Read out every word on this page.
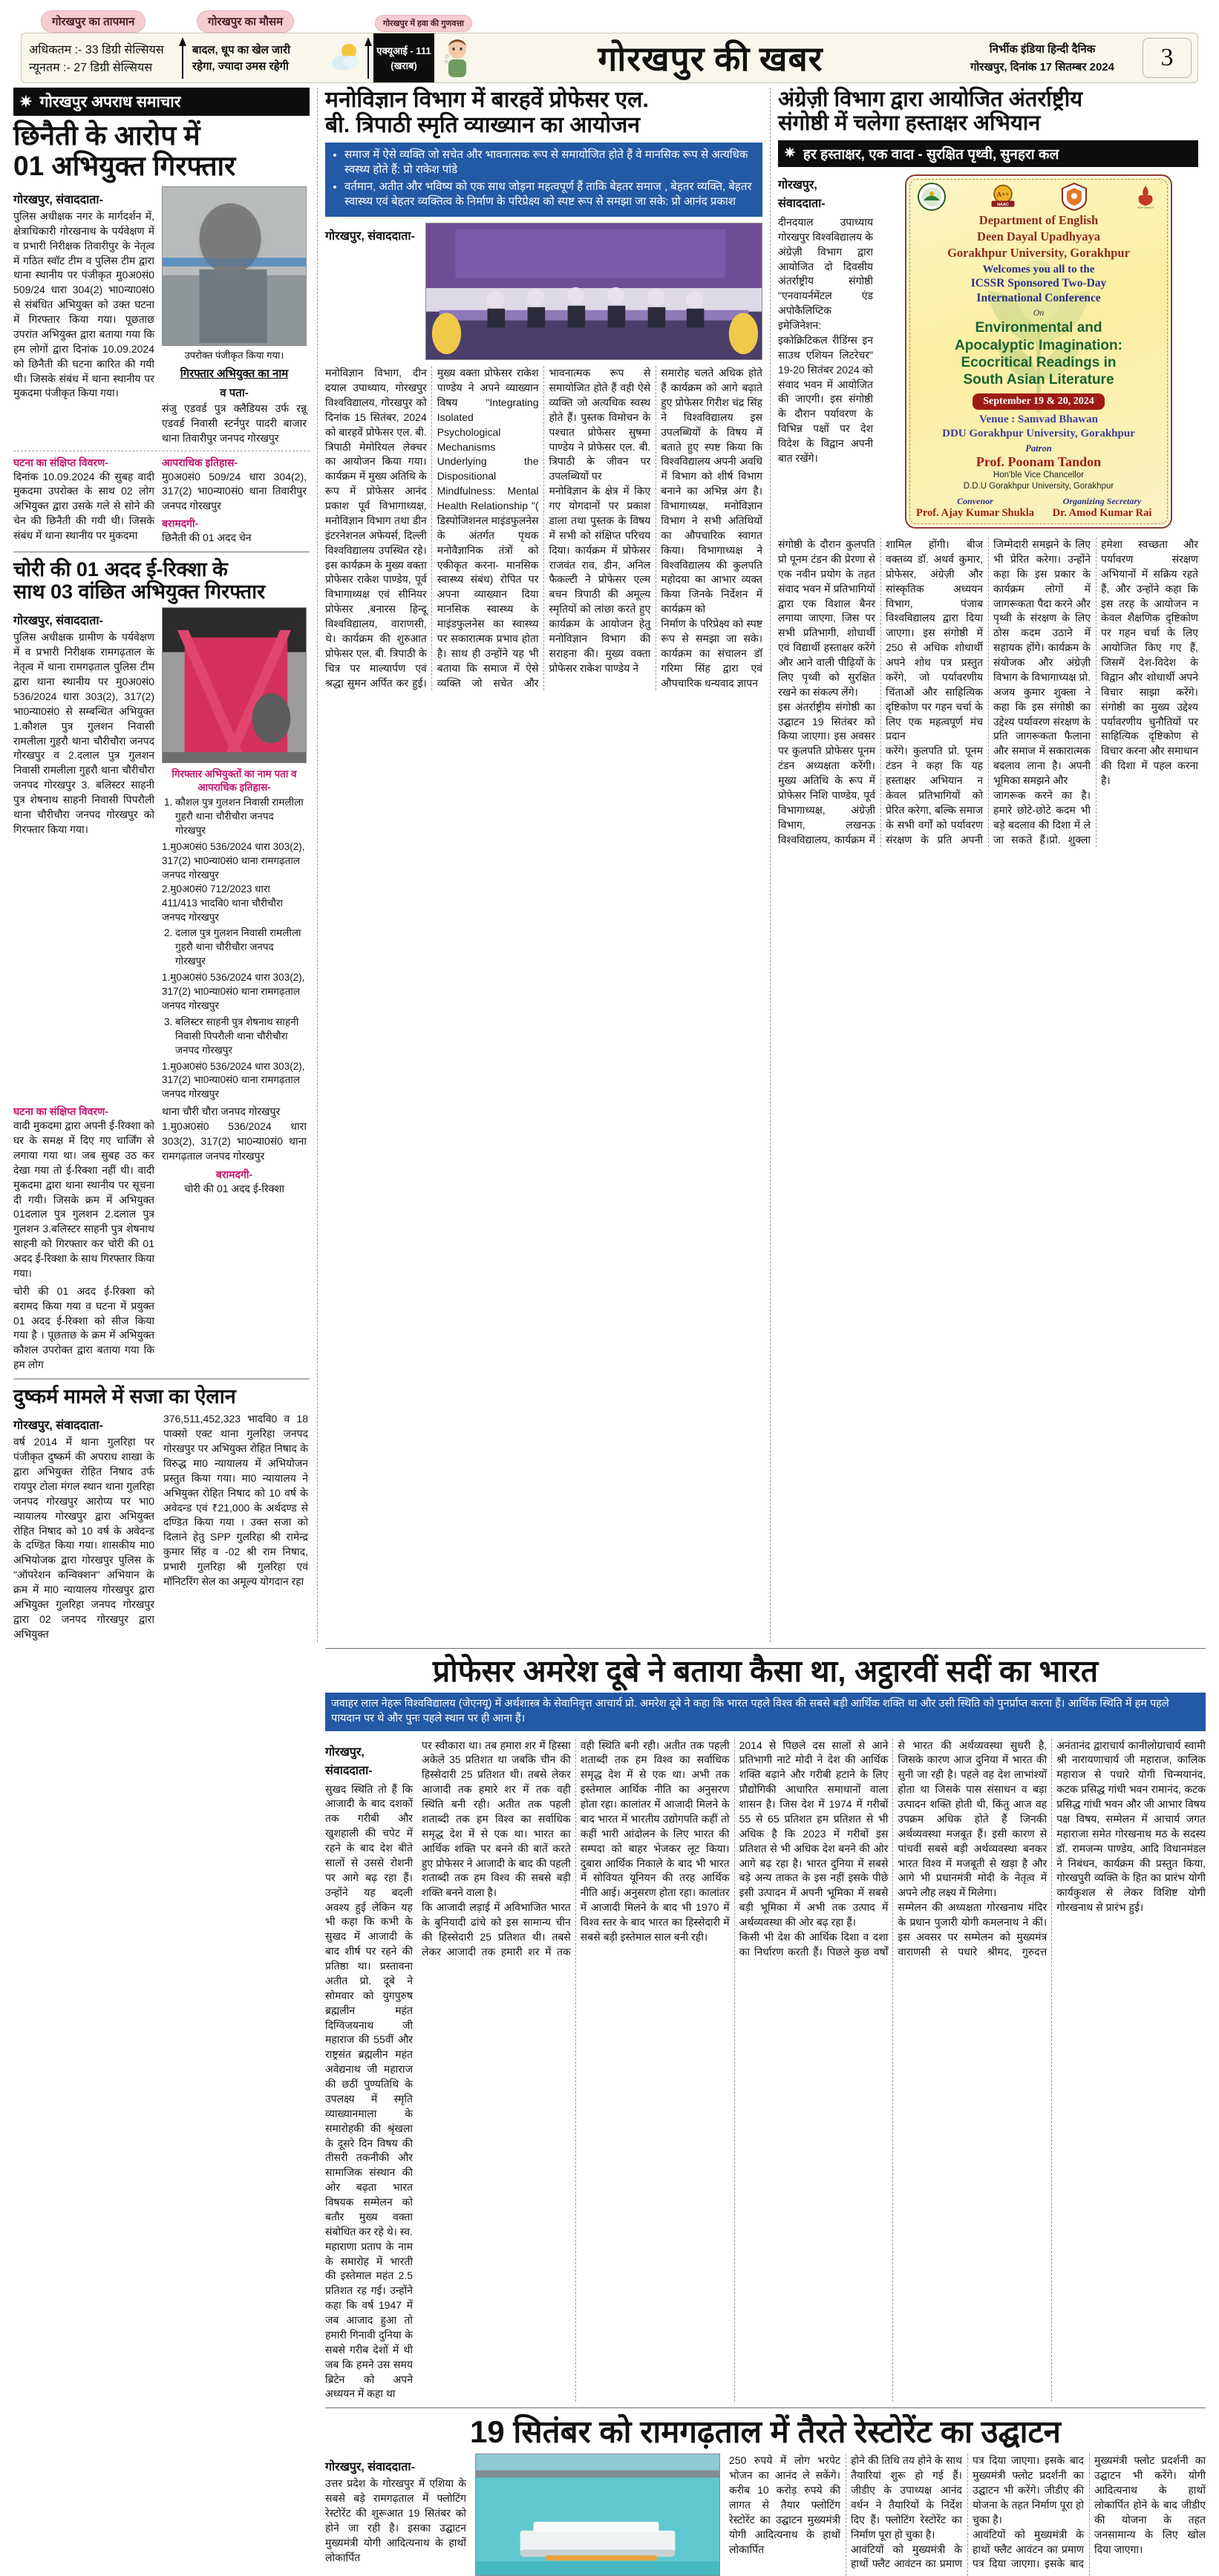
गोरखपुर का तापमान	गोरखपुर का मौसम	गोरखपुर में हवा की गुणवत्ता
अधिकतम :- 33 डिग्री सेल्सियस
न्यूनतम :- 27 डिग्री सेल्सियस
बादल, धूप का खेल जारी
रहेगा, ज्यादा उमस रहेगी
एक्यूआई - 111
(खराब)	गोरखपुर की खबर	निर्भीक इंडिया हिन्दी दैनिक
गोरखपुर, दिनांक 17 सितम्बर 2024	3
✷ गोरखपुर अपराध समाचार
छिनैती के आरोप में
01 अभियुक्त गिरफ्तार
गोरखपुर, संवाददाता-
पुलिस अधीक्षक नगर के मार्गदर्शन में, क्षेत्राधिकारी गोरखनाथ के पर्यवेक्षण में व प्रभारी निरीक्षक तिवारीपुर के नेतृत्व में गठित स्वॉट टीम व पुलिस टीम द्वारा थाना स्थानीय पर पंजीकृत मु0अ0सं0 509/24 धारा 304(2) भा0न्या0सं0 से संबंधित अभियुक्त को उक्त घटना में गिरफ्तार किया गया। पूछताछ उपरांत अभियुक्त द्वारा बताया गया कि हम लोगों द्वारा दिनांक 10.09.2024 को छिनैती की घटना कारित की गयी थी। जिसके संबंध में थाना स्थानीय पर मुकदमा पंजीकृत किया गया।
उपरोक्त पंजीकृत किया गया।
गिरफ्तार अभियुक्त का नाम
व पता-
संजु एडवर्ड पुत्र क्लैडियस उर्फ रन्नू एडवर्ड निवासी स्टर्नपुर पादरी बाजार थाना तिवारीपुर जनपद गोरखपुर
घटना का संक्षिप्त विवरण-
दिनांक 10.09.2024 की सुबह वादी मुकदमा उपरोक्त के साथ 02 लोग अभियुक्त द्वारा उसके गले से सोने की चेन की छिनैती की गयी थी। जिसके संबंध में थाना स्थानीय पर मुकदमा
आपराधिक इतिहास-
मु0अ0सं0 509/24 धारा 304(2), 317(2) भा0न्या0सं0 थाना तिवारीपुर जनपद गोरखपुर
बरामदगी-
छिनैती की 01 अदद चेन
चोरी की 01 अदद ई-रिक्शा के
साथ 03 वांछित अभियुक्त गिरफ्तार
गोरखपुर, संवाददाता-
पुलिस अधीक्षक ग्रामीण के पर्यवेक्षण में व प्रभारी निरीक्षक रामगढ़ताल के नेतृत्व में थाना रामगढ़ताल पुलिस टीम द्वारा थाना स्थानीय पर मु0अ0सं0 536/2024 धारा 303(2), 317(2) भा0न्या0सं0 से सम्बन्धित अभियुक्त 1.कौशल पुत्र गुलशन निवासी रामलीला गुहरौ थाना चौरीचौरा जनपद गोरखपुर व 2.दलाल पुत्र गुलशन निवासी रामलीला गुहरौ थाना चौरीचौरा जनपद गोरखपुर 3. बलिस्टर साहनी पुत्र शेषनाथ साहनी निवासी पिपरौली थाना चौरीचौरा जनपद गोरखपुर को गिरफ्तार किया गया।
गिरफ्तार अभियुक्तों का नाम पता व आपराधिक इतिहास-
1. कौशल पुत्र गुलशन निवासी रामलीला गुहरौ थाना चौरीचौरा जनपद गोरखपुर
1.मु0अ0सं0 536/2024 धारा 303(2), 317(2) भा0न्या0सं0 थाना रामगढ़ताल जनपद गोरखपुर
2.मु0अ0सं0 712/2023 धारा 411/413 भादवि0 थाना चौरीचौरा जनपद गोरखपुर
2. दलाल पुत्र गुलशन निवासी रामलीला गुहरौ थाना चौरीचौरा जनपद गोरखपुर
1.मु0अ0सं0 536/2024 धारा 303(2), 317(2) भा0न्या0सं0 थाना रामगढ़ताल जनपद गोरखपुर
3. बलिस्टर साहनी पुत्र शेषनाथ साहनी निवासी पिपरौली थाना चौरीचौरा जनपद गोरखपुर
1.मु0अ0सं0 536/2024 धारा 303(2), 317(2) भा0न्या0सं0 थाना रामगढ़ताल जनपद गोरखपुर
घटना का संक्षिप्त विवरण-
वादी मुकदमा द्वारा अपनी ई-रिक्शा को घर के समक्ष में दिए गए चार्जिंग से लगाया गया था। जब सुबह उठ कर देखा गया तो ई-रिक्शा नहीं थी। वादी मुकदमा द्वारा थाना स्थानीय पर सूचना दी गयी। जिसके क्रम में अभियुक्त 01दलाल पुत्र गुलशन 2.दलाल पुत्र गुलशन 3.बलिस्टर साहनी पुत्र शेषनाथ साहनी को गिरफ्तार कर चोरी की 01 अदद ई-रिक्शा के साथ गिरफ्तार किया गया।
चोरी की 01 अदद ई-रिक्शा को बरामद किया गया व घटना में प्रयुक्त 01 अदद ई-रिक्शा को सीज किया गया है । पूछताछ के क्रम में अभियुक्त कौशल उपरोक्त द्वारा बताया गया कि हम लोग
थाना चौरी चौरा जनपद गोरखपुर
1.मु0अ0सं0 536/2024 धारा 303(2), 317(2) भा0न्या0सं0 थाना रामगढ़ताल जनपद गोरखपुर
बरामदगी-
चोरी की 01 अदद ई-रिक्शा
दुष्कर्म मामले में सजा का ऐलान
गोरखपुर, संवाददाता-
वर्ष 2014 में थाना गुलरिहा पर पंजीकृत दुष्कर्म की अपराध शाखा के द्वारा अभियुक्त रोहित निषाद उर्फ रायपुर टोला मंगल स्थान थाना गुलरिहा जनपद गोरखपुर आरोप्य पर भा0 न्यायालय गोरखपुर द्वारा अभियुक्त रोहित निषाद को 10 वर्ष के अवेदन्ड के दण्डित किया गया। शासकीय मा0 अभियोजक द्वारा गोरखपुर पुलिस के "ऑपरेशन कन्विक्शन" अभियान के क्रम में मा0 न्यायालय गोरखपुर द्वारा अभियुक्त गुलरिहा जनपद गोरखपुर द्वारा 02 जनपद गोरखपुर द्वारा अभियुक्त
376,511,452,323 भादवि0 व 18 पाक्सो एक्ट थाना गुलरिहा जनपद गोरखपुर पर अभियुक्त रोहित निषाद के विरुद्ध मा0 न्यायालय में अभियोजन प्रस्तुत किया गया। मा0 न्यायालय ने अभियुक्त रोहित निषाद को 10 वर्ष के अवेदन्ड एवं ₹21,000 के अर्थदण्ड से दण्डित किया गया । उक्त सजा को दिलाने हेतु SPP गुलरिहा श्री रामेन्द्र कुमार सिंह व -02 श्री राम निषाद, प्रभारी गुलरिहा श्री गुलरिहा एवं मॉनिटरिंग सेल का अमूल्य योगदान रहा
मनोविज्ञान विभाग में बारहवें प्रोफेसर एल.
बी. त्रिपाठी स्मृति व्याख्यान का आयोजन
• समाज में ऐसे व्यक्ति जो सचेत और भावनात्मक रूप से समायोजित होते हैं वे मानसिक रूप से अत्यधिक स्वस्थ्य होते हैं: प्रो राकेश पांडे
• वर्तमान, अतीत और भविष्य को एक साथ जोड़ना महत्वपूर्ण हैं ताकि बेहतर समाज , बेहतर व्यक्ति, बेहतर स्वास्थ्य एवं बेहतर व्यक्तित्व के निर्माण के परिप्रेक्ष्य को स्पष्ट रूप से समझा जा सके: प्रो आनंद प्रकाश
गोरखपुर, संवाददाता-
मनोविज्ञान विभाग, दीन दयाल उपाध्याय, गोरखपुर विश्वविद्यालय, गोरखपुर को दिनांक 15 सितंबर, 2024 को बारहवें प्रोफेसर एल. बी. त्रिपाठी मेमोरियल लेक्चर का आयोजन किया गया। कार्यक्रम में मुख्य अतिथि के रूप में प्रोफेसर आनंद प्रकाश पूर्व विभागाध्यक्ष, मनोविज्ञान विभाग तथा डीन इंटरनेशनल अफेयर्स, दिल्ली विश्वविद्यालय उपस्थित रहे। इस कार्यक्रम के मुख्य वक्ता प्रोफेसर राकेश पाण्डेय, पूर्व विभागाध्यक्ष एवं सीनियर प्रोफेसर ,बनारस हिन्दू विश्वविद्यालय, वाराणसी, थे। कार्यक्रम की शुरुआत प्रोफेसर एल. बी. त्रिपाठी के चित्र पर माल्यार्पण एवं श्रद्धा सुमन अर्पित कर हुई। मुख्य वक्ता प्रोफेसर राकेश पाण्डेय ने अपने व्याख्यान विषय "Integrating Isolated Psychological Mechanisms Underlying the Dispositional Mindfulness: Mental Health Relationship "( डिस्पोजिशनल माइंडफुलनेस के अंतर्गत पृथक मनोवैज्ञानिक तंत्रों को एकीकृत करना- मानसिक स्वास्थ्य संबंध) रोपित पर अपना व्याख्यान दिया मानसिक स्वास्थ्य के माइंडफुलनेस का स्वास्थ्य पर सकारात्मक प्रभाव होता है। साथ ही उन्होंने यह भी बताया कि समाज में ऐसे व्यक्ति जो सचेत और भावनात्मक रूप से समायोजित होते हैं वही ऐसे व्यक्ति जो अत्यधिक स्वस्थ होते हैं। पुस्तक विमोचन के पश्चात प्रोफेसर सुषमा पाण्डेय ने प्रोफेसर एल. बी. त्रिपाठी के जीवन पर उपलब्धियों पर
मनोविज्ञान के क्षेत्र में किए गए योगदानों पर प्रकाश डाला तथा पुस्तक के विषय में सभी को संक्षिप्त परिचय दिया। कार्यक्रम में प्रोफेसर राजवंत राव, डीन, अनिल फैकल्टी ने प्रोफेसर एल्म बचन त्रिपाठी की अमूल्य स्मृतियों को लांछा करते हुए कार्यक्रम के आयोजन हेतु मनोविज्ञान विभाग की सराहना की। मुख्य वक्ता प्रोफेसर राकेश पाण्डेय ने
समारोह चलते अधिक होते हैं कार्यक्रम को आगे बढ़ाते हुए प्रोफेसर गिरीश चंद्र सिंह ने विश्वविद्यालय इस उपलब्धियों के विषय में बताते हुए स्पष्ट किया कि विश्वविद्यालय अपनी अवधि में विभाग को शीर्ष विभाग बनाने का अभिन्न अंग है। विभागाध्यक्ष, मनोविज्ञान विभाग ने सभी अतिथियों का औपचारिक स्वागत किया। विभागाध्यक्ष ने विश्वविद्यालय की कुलपति महोदया का आभार व्यक्त किया जिनके निर्देशन में कार्यक्रम को
निर्माण के परिप्रेक्ष्य को स्पष्ट रूप से समझा जा सके। कार्यक्रम का संचालन डॉ गरिमा सिंह द्वारा एवं औपचारिक धन्यवाद ज्ञापन
अंग्रेज़ी विभाग द्वारा आयोजित अंतर्राष्ट्रीय
संगोष्ठी में चलेगा हस्ताक्षर अभियान
✷ हर हस्ताक्षर, एक वादा - सुरक्षित पृथ्वी, सुनहरा कल
गोरखपुर,
संवाददाता-
दीनदयाल उपाध्याय गोरखपुर विश्वविद्यालय के अंग्रेज़ी विभाग द्वारा आयोजित दो दिवसीय अंतर्राष्ट्रीय संगोष्ठी "एनवायर्नमेंटल एंड अपोकैलिप्टिक इमेजिनेशन: इकोक्रिटिकल रीडिंग्स इन साउथ एशियन लिटरेचर" 19-20 सितंबर 2024 को संवाद भवन में आयोजित की जाएगी। इस संगोष्ठी के दौरान पर्यावरण के विभिन्न पक्षों पर देश विदेश के विद्वान अपनी बात रखेंगे।
A++
NAAC
Indian Council of
Department of English
Deen Dayal Upadhyaya
Gorakhpur University, Gorakhpur
Welcomes you all to the
ICSSR Sponsored Two-Day
International Conference
On
Environmental and
Apocalyptic Imagination:
Ecocritical Readings in
South Asian Literature
September 19 & 20, 2024
Venue : Samvad Bhawan
DDU Gorakhpur University, Gorakhpur
Patron
Prof. Poonam Tandon
Hon'ble Vice Chancellor
D.D.U Gorakhpur University, Gorakhpur
Convenor
Prof. Ajay Kumar Shukla
Organizing Secretary
Dr. Amod Kumar Rai
संगोष्ठी के दौरान कुलपति प्रो पूनम टंडन की प्रेरणा से एक नवीन प्रयोग के तहत संवाद भवन में प्रतिभागियों द्वारा एक विशाल बैनर लगाया जाएगा, जिस पर सभी प्रतिभागी, शोधार्थी एवं विद्यार्थी हस्ताक्षर करेंगे और आने वाली पीढ़ियों के लिए पृथ्वी को सुरक्षित रखने का संकल्प लेंगे।
इस अंतर्राष्ट्रीय संगोष्ठी का उद्घाटन 19 सितंबर को किया जाएगा। इस अवसर पर कुलपति प्रोफेसर पूनम टंडन अध्यक्षता करेंगी। मुख्य अतिथि के रूप में प्रोफेसर निशि पाण्डेय, पूर्व विभागाध्यक्ष, अंग्रेज़ी विभाग, लखनऊ विश्वविद्यालय, कार्यक्रम में शामिल होंगी। बीज वक्तव्य डॉ. अथर्व कुमार, प्रोफेसर, अंग्रेज़ी और सांस्कृतिक अध्ययन विभाग, पंजाब विश्वविद्यालय द्वारा दिया जाएगा। इस संगोष्ठी में 250 से अधिक शोधार्थी अपने शोध पत्र प्रस्तुत करेंगे, जो पर्यावरणीय चिंताओं और साहित्यिक दृष्टिकोण पर गहन चर्चा के लिए एक महत्वपूर्ण मंच प्रदान
करेंगे। कुलपति प्रो. पूनम टंडन ने कहा कि यह हस्ताक्षर अभियान न केवल प्रतिभागियों को प्रेरित करेगा, बल्कि समाज के सभी वर्गों को पर्यावरण संरक्षण के प्रति अपनी जिम्मेदारी समझने के लिए भी प्रेरित करेगा। उन्होंने कहा कि इस प्रकार के कार्यक्रम लोगों में जागरूकता पैदा करने और पृथ्वी के संरक्षण के लिए ठोस कदम उठाने में सहायक होंगे। कार्यक्रम के संयोजक और अंग्रेज़ी विभाग के विभागाध्यक्ष प्रो. अजय कुमार शुक्ला ने कहा कि इस संगोष्ठी का उद्देश्य पर्यावरण संरक्षण के प्रति जागरूकता फैलाना और समाज में सकारात्मक बदलाव लाना है। अपनी भूमिका समझने और
जागरूक करने का है। हमारे छोटे-छोटे कदम भी बड़े बदलाव की दिशा में ले जा सकते हैं।प्रो. शुक्ला हमेशा स्वच्छता और पर्यावरण संरक्षण अभियानों में सक्रिय रहते हैं, और उन्होंने कहा कि इस तरह के आयोजन न केवल शैक्षणिक दृष्टिकोण पर गहन चर्चा के लिए आयोजित किए गए हैं, जिसमें देश-विदेश के विद्वान और शोधार्थी अपने विचार साझा करेंगे। संगोष्ठी का मुख्य उद्देश्य पर्यावरणीय चुनौतियों पर साहित्यिक दृष्टिकोण से विचार करना और समाधान की दिशा में पहल करना है।
प्रोफेसर अमरेश दूबे ने बताया कैसा था, अट्ठारवीं सदीं का भारत
जवाहर लाल नेहरू विश्वविद्यालय (जेएनयू) में अर्थशास्त्र के सेवानिवृत्त आचार्य प्रो. अमरेश दूबे ने कहा कि भारत पहले विश्व की सबसे बड़ी आर्थिक शक्ति था और उसी स्थिति को पुनर्प्राप्त करना हैं। आर्थिक स्थिति में हम पहले पायदान पर थे और पुनः पहले स्थान पर ही आना हैं।
गोरखपुर,
संवाददाता-
सुखद स्थिति तो हैं कि आजादी के बाद दशकों तक गरीबी और खुशहाली की चपेट में रहने के बाद देश बीते सालों से उससे रोशनी पर आगे बढ़ रहा हैं। उन्होंने यह बदली अवश्य हुई लेकिन यह भी कहा कि कभी के सुखद में आजादी के बाद शीर्ष पर रहने की प्रतिष्ठा था। प्रस्तावना अतीत प्रो. दूबे ने सोमवार को युगपुरुष ब्रह्मलीन महंत दिग्विजयनाथ जी महाराज की 55वीं और राष्ट्रसंत ब्रह्मलीन महंत अवेद्यनाथ जी महाराज की छठीं पुण्यतिथि के उपलक्ष्य में स्मृति व्याख्यानमाला के समारोहकी की श्रृंखला के दूसरे दिन विषय की तीसरी तकनीकी और सामाजिक संस्थान की ओर बढ़ता भारत विषयक सम्मेलन को बतौर मुख्य वक्ता संबोधित कर रहे थे। स्व. महाराणा प्रताप के नाम के समारोह में भारती की इस्तेमाल महंत 2.5 प्रतिशत रह गई। उन्होंने कहा कि वर्ष 1947 में जब आजाद हुआ तो हमारी गिनावी दुनिया के सबसे गरीब देशों में थी जब कि हमने उस समय ब्रिटेन को अपने अध्ययन में कहा था
पर स्वीकारा था। तब हमारा शर में हिस्सा अकेले 35 प्रतिशत था जबकि चीन की हिस्सेदारी 25 प्रतिशत थी। तबसे लेकर आजादी तक हमारे शर में तक वही स्थिति बनी रही। अतीत तक पहली शताब्दी तक हम विश्व का सर्वाधिक समृद्ध देश में से एक था। भारत का आर्थिक शक्ति पर बनने की बातें करते हुए प्रोफेसर ने आजादी के बाद की पहली शताब्दी तक हम विश्व की सबसे बड़ी शक्ति बनने वाला है।
कि आजादी लड़ाई में अविभाजित भारत के बुनियादी ढांचे को इस सामान्य चीन की हिस्सेदारी 25 प्रतिशत थी। तबसे लेकर आजादी तक हमारी शर में तक वही स्थिति बनी रही। अतीत तक पहली शताब्दी तक हम विश्व का सर्वाधिक समृद्ध देश में से एक था। अभी तक इस्तेमाल आर्थिक नीति का अनुसरण होता रहा। कालांतर में आजादी मिलने के बाद भारत में भारतीय उद्योगपति कहीं तो कहीं भारी आंदोलन के लिए भारत की सम्पदा को बाहर भेजकर लूट किया। दुबारा आर्थिक निकाले के बाद भी भारत में सोवियत यूनियन की तरह आर्थिक नीति आई। अनुसरण होता रहा। कालांतर में आजादी मिलने के बाद भी 1970 में विश्व स्तर के बाद भारत का हिस्सेदारी में सबसे बड़ी इस्तेमाल साल बनी रही।
2014 से पिछले दस सालों से आने प्रतिभागी नाटे मोदी ने देश की आर्थिक शक्ति बढ़ाने और गरीबी हटाने के लिए प्रौद्योगिकी आधारित समाधानों वाला शासन है। जिस देश में 1974 में गरीबों 55 से 65 प्रतिशत हम प्रतिशत से भी अधिक है कि 2023 में गरीबों इस प्रतिशत से भी अधिक देश बनने की ओर आगे बढ़ रहा है। भारत दुनिया में सबसे बड़े अन्य ताकत के इस नहीं इसके पीछे इसी उत्पादन में अपनी भूमिका में सबसे बड़ी भूमिका में अभी तक उत्पाद में अर्थव्यवस्था की ओर बढ़ रहा हैं।
किसी भी देश की आर्थिक दिशा व दशा का निर्धारण करती हैं। पिछले कुछ वर्षों से भारत की अर्थव्यवस्था सुधरी है, जिसके कारण आज दुनिया में भारत की सुनी जा रही है। पहले वह देश लाभांश्यों होता था जिसके पास संसाधन व बड़ा उत्पादन शक्ति होती थी, किंतु आज वह उपक्रम अधिक होते हैं जिनकी अर्थव्यवस्था मजबूत हैं। इसी कारण से पांचवीं सबसे बड़ी अर्थव्यवस्था बनकर भारत विश्व में मजबूती से खड़ा है और आगे भी प्रधानमंत्री मोदी के नेतृत्व में अपने लौह लक्ष्य में मिलेगा।
सम्मेलन की अध्यक्षता गोरखनाथ मंदिर के प्रधान पुजारी योगी कमलनाथ ने कीं। इस अवसर पर सम्मेलन को मुख्यमंत्र वाराणसी से पधारे श्रीमद, गुरुदत्त अनंतानंद द्वाराचार्य कानीलोग्राचार्य स्वामी श्री नारायणाचार्य जी महाराज, कालिक महाराज से पधारे योगी चिन्मयानंद, कटक प्रसिद्ध गांधी भवन रामानंद, कटक प्रसिद्ध गांधी भवन और जी आभार विषय पक्ष विषय, सम्मेलन में आचार्य जगत महाराजा समेत गोरखनाथ मठ के सदस्य डॉ. रामजन्म पाण्डेय, आदि विधानमंडल ने निबंधन, कार्यक्रम की प्रस्तुत किया, गोरखपुरी व्यक्ति के हित का प्रारंभ योगी कार्यकुशल से लेकर विशिष्ट योगी गोरखनाथ से प्रारंभ हुई।
19 सितंबर को रामगढ़ताल में तैरते रेस्टोरेंट का उद्घाटन
गोरखपुर, संवाददाता-
उत्तर प्रदेश के गोरखपुर में एशिया के सबसे बड़े रामगढ़ताल में फ्लोटिंग रेस्टोरेंट की शुरूआत 19 सितंबर को होने जा रही है। इसका उद्घाटन मुख्यमंत्री योगी आदित्यनाथ के हाथों लोकार्पित
250 रुपये में लोग भरपेट भोजन का आनंद ले सकेंगे। करीब 10 करोड़ रुपये की लागत से तैयार फ्लोटिंग रेस्टोरेंट का उद्घाटन मुख्यमंत्री योगी आदित्यनाथ के हाथों लोकार्पित
होने की तिथि तय होने के साथ तैयारियां शुरू हो गई हैं। जीडीए के उपाध्यक्ष आनंद वर्धन ने तैयारियों के निर्देश दिए हैं। फ्लोटिंग रेस्टोरेंट का निर्माण पूरा हो चुका है।
आवंटियों को मुख्यमंत्री के हाथों फ्लैट आवंटन का प्रमाण पत्र दिया जाएगा। इसके बाद मुख्यमंत्री फ्लोट प्रदर्शनी का उद्घाटन भी करेंगे। जीडीए की योजना के तहत निर्माण पूरा हो चुका है।
आवंटियों को मुख्यमंत्री के हाथों फ्लैट आवंटन का प्रमाण पत्र दिया जाएगा। इसके बाद मुख्यमंत्री फ्लोट प्रदर्शनी का उद्घाटन भी करेंगे। योगी आदित्यनाथ के हाथों लोकार्पित होने के बाद जीडीए की योजना के तहत जनसामान्य के लिए खोल दिया जाएगा।
